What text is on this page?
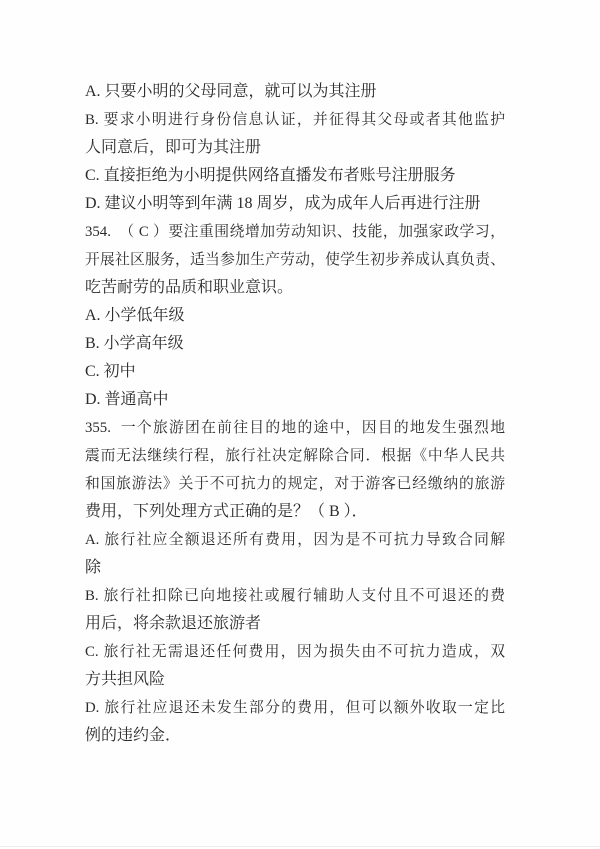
A. 只要小明的父母同意，就可以为其注册
B. 要求小明进行身份信息认证，并征得其父母或者其他监护
人同意后，即可为其注册
C. 直接拒绝为小明提供网络直播发布者账号注册服务
D. 建议小明等到年满 18 周岁，成为成年人后再进行注册
354.  （ C ）要注重围绕增加劳动知识、技能，加强家政学习，
开展社区服务，适当参加生产劳动，使学生初步养成认真负责、
吃苦耐劳的品质和职业意识。
A. 小学低年级
B. 小学高年级
C. 初中
D. 普通高中
355.  一个旅游团在前往目的地的途中，因目的地发生强烈地
震而无法继续行程，旅行社决定解除合同．根据《中华人民共
和国旅游法》关于不可抗力的规定，对于游客已经缴纳的旅游
费用，下列处理方式正确的是？（ B ）．
A. 旅行社应全额退还所有费用，因为是不可抗力导致合同解
除
B. 旅行社扣除已向地接社或履行辅助人支付且不可退还的费
用后，将余款退还旅游者
C. 旅行社无需退还任何费用，因为损失由不可抗力造成，双
方共担风险
D. 旅行社应退还未发生部分的费用，但可以额外收取一定比
例的违约金．
